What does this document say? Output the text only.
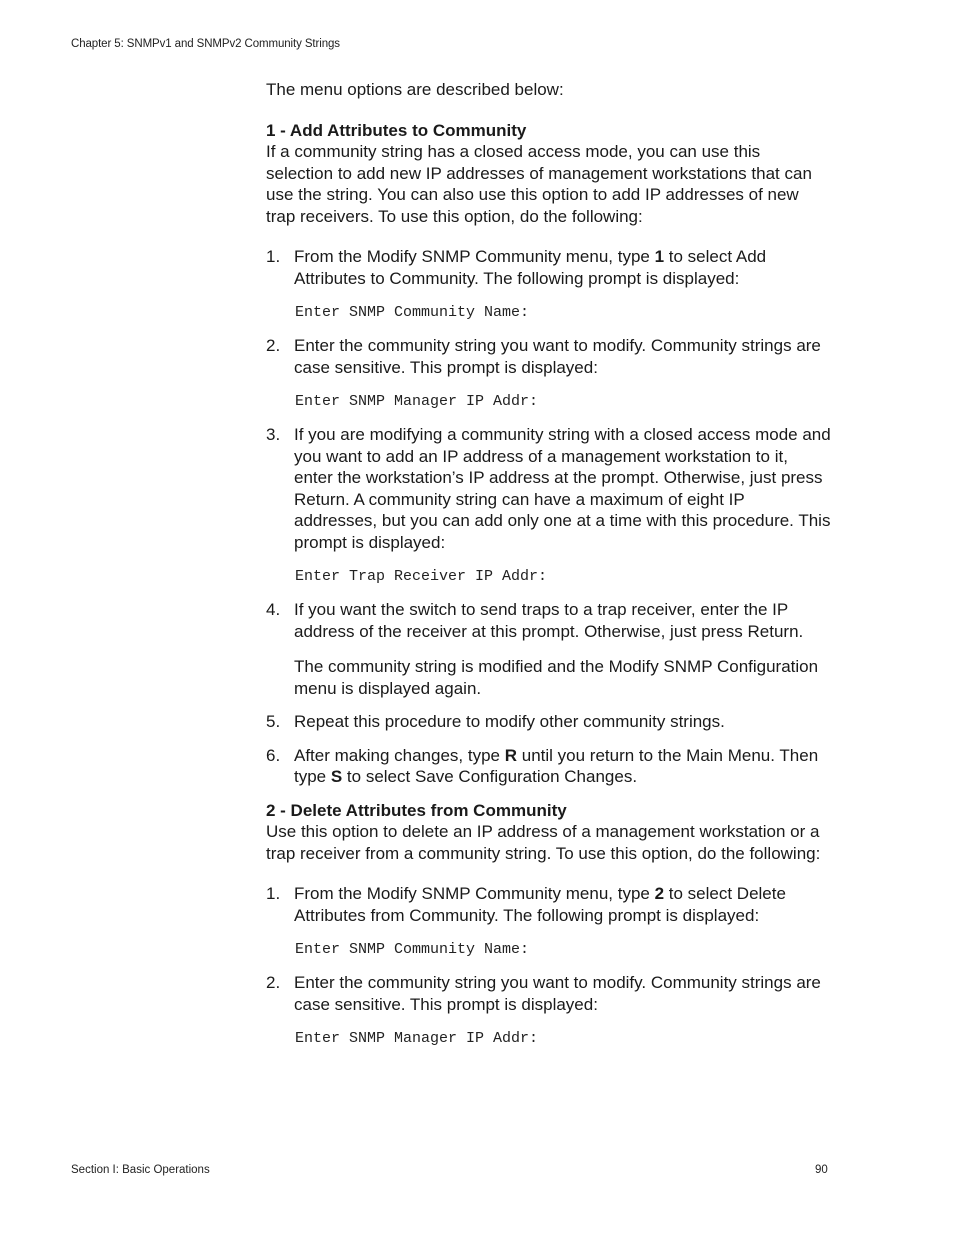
Chapter 5: SNMPv1 and SNMPv2 Community Strings

The menu options are described below:

1 - Add Attributes to Community

If a community string has a closed access mode, you can use this selection to add new IP addresses of management workstations that can use the string. You can also use this option to add IP addresses of new trap receivers. To use this option, do the following:

1. From the Modify SNMP Community menu, type 1 to select Add Attributes to Community. The following prompt is displayed:

Enter SNMP Community Name:
2. Enter the community string you want to modify. Community strings are case sensitive. This prompt is displayed:

Enter SNMP Manager IP Addr:
3. If you are modifying a community string with a closed access mode and you want to add an IP address of a management workstation to it, enter the workstation’s IP address at the prompt. Otherwise, just press Return. A community string can have a maximum of eight IP addresses, but you can add only one at a time with this procedure. This prompt is displayed:

Enter Trap Receiver IP Addr:
4. If you want the switch to send traps to a trap receiver, enter the IP address of the receiver at this prompt. Otherwise, just press Return.

The community string is modified and the Modify SNMP Configuration menu is displayed again.

5. Repeat this procedure to modify other community strings.

6. After making changes, type R until you return to the Main Menu. Then type S to select Save Configuration Changes.

2 - Delete Attributes from Community

Use this option to delete an IP address of a management workstation or a trap receiver from a community string. To use this option, do the following:

1. From the Modify SNMP Community menu, type 2 to select Delete Attributes from Community. The following prompt is displayed:

Enter SNMP Community Name:
2. Enter the community string you want to modify. Community strings are case sensitive. This prompt is displayed:

Enter SNMP Manager IP Addr:
Section I: Basic Operations	90
